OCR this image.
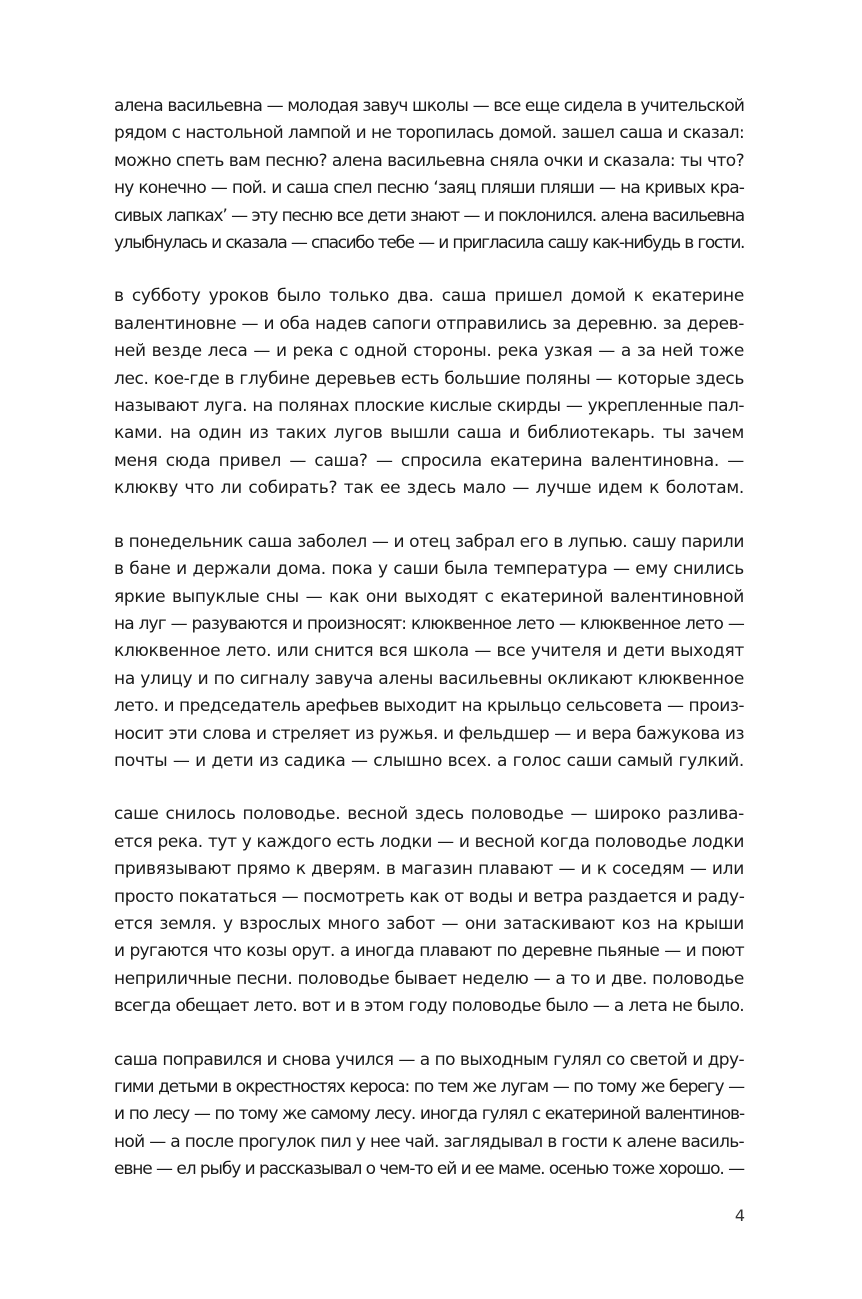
алена васильевна — молодая завуч школы — все еще сидела в учительской
рядом с настольной лампой и не торопилась домой. зашел саша и сказал:
можно спеть вам песню? алена васильевна сняла очки и сказала: ты что?
ну конечно — пой. и саша спел песню ‘заяц пляши пляши — на кривых кра-
сивых лапках’ — эту песню все дети знают — и поклонился. алена васильевна
улыбнулась и сказала — спасибо тебе — и пригласила сашу как-нибудь в гости.

в субботу уроков было только два. саша пришел домой к екатерине
валентиновне — и оба надев сапоги отправились за деревню. за дерев-
ней везде леса — и река с одной стороны. река узкая — а за ней тоже
лес. кое-где в глубине деревьев есть большие поляны — которые здесь
называют луга. на полянах плоские кислые скирды — укрепленные пал-
ками. на один из таких лугов вышли саша и библиотекарь. ты зачем
меня сюда привел — саша? — спросила екатерина валентиновна. —
клюкву что ли собирать? так ее здесь мало — лучше идем к болотам.

в понедельник саша заболел — и отец забрал его в лупью. сашу парили
в бане и держали дома. пока у саши была температура — ему снились
яркие выпуклые сны — как они выходят с екатериной валентиновной
на луг — разуваются и произносят: клюквенное лето — клюквенное лето —
клюквенное лето. или снится вся школа — все учителя и дети выходят
на улицу и по сигналу завуча алены васильевны окликают клюквенное
лето. и председатель арефьев выходит на крыльцо сельсовета — произ-
носит эти слова и стреляет из ружья. и фельдшер — и вера бажукова из
почты — и дети из садика — слышно всех. а голос саши самый гулкий.

саше снилось половодье. весной здесь половодье — широко разлива-
ется река. тут у каждого есть лодки — и весной когда половодье лодки
привязывают прямо к дверям. в магазин плавают — и к соседям — или
просто покататься — посмотреть как от воды и ветра раздается и раду-
ется земля. у взрослых много забот — они затаскивают коз на крыши
и ругаются что козы орут. а иногда плавают по деревне пьяные — и поют
неприличные песни. половодье бывает неделю — а то и две. половодье
всегда обещает лето. вот и в этом году половодье было — а лета не было.

саша поправился и снова учился — а по выходным гулял со светой и дру-
гими детьми в окрестностях кероса: по тем же лугам — по тому же берегу —
и по лесу — по тому же самому лесу. иногда гулял с екатериной валентинов-
ной — а после прогулок пил у нее чай. заглядывал в гости к алене василь-
евне — ел рыбу и рассказывал о чем-то ей и ее маме. осенью тоже хорошо. —

4
